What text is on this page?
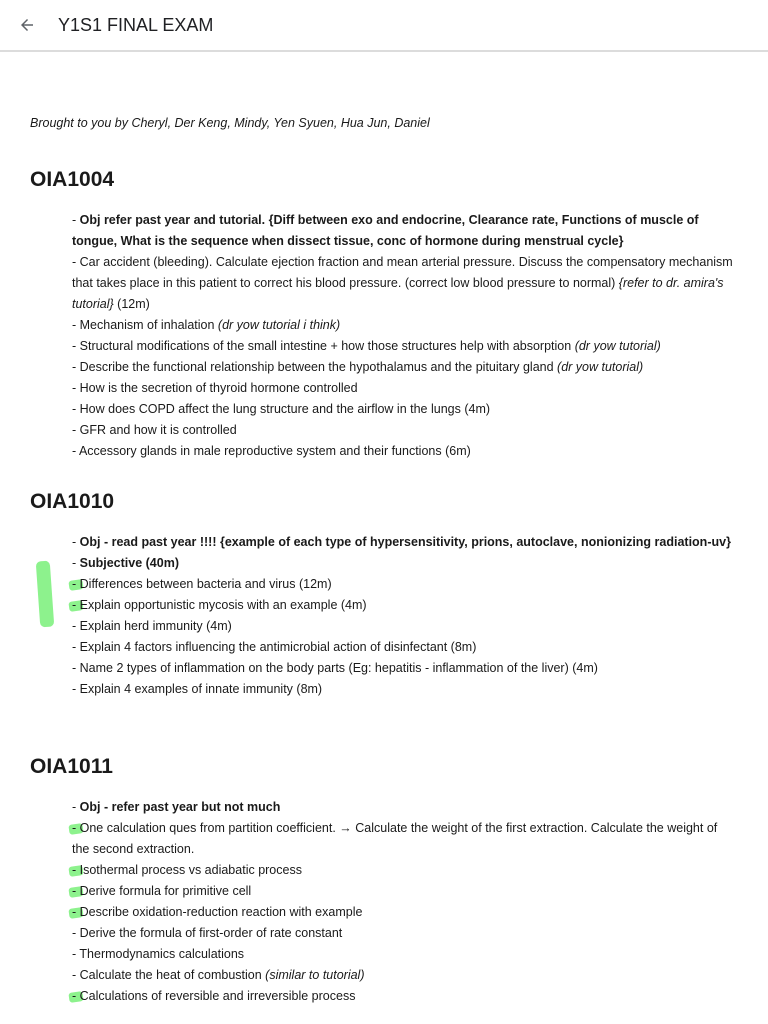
Y1S1 FINAL EXAM

Brought to you by Cheryl, Der Keng, Mindy, Yen Syuen, Hua Jun, Daniel

OIA1004
- Obj refer past year and tutorial. {Diff between exo and endocrine, Clearance rate, Functions of muscle of tongue, What is the sequence when dissect tissue, conc of hormone during menstrual cycle}
- Car accident (bleeding). Calculate ejection fraction and mean arterial pressure. Discuss the compensatory mechanism that takes place in this patient to correct his blood pressure. (correct low blood pressure to normal) {refer to dr. amira's tutorial} (12m)
- Mechanism of inhalation (dr yow tutorial i think)
- Structural modifications of the small intestine + how those structures help with absorption (dr yow tutorial)
- Describe the functional relationship between the hypothalamus and the pituitary gland (dr yow tutorial)
- How is the secretion of thyroid hormone controlled
- How does COPD affect the lung structure and the airflow in the lungs (4m)
- GFR and how it is controlled
- Accessory glands in male reproductive system and their functions (6m)
OIA1010
- Obj - read past year !!!! {example of each type of hypersensitivity, prions, autoclave, nonionizing radiation-uv}
- Subjective (40m)
- Differences between bacteria and virus (12m)
- Explain opportunistic mycosis with an example (4m)
- Explain herd immunity (4m)
- Explain 4 factors influencing the antimicrobial action of disinfectant (8m)
- Name 2 types of inflammation on the body parts (Eg: hepatitis - inflammation of the liver) (4m)
- Explain 4 examples of innate immunity (8m)
OIA1011
- Obj - refer past year but not much
- One calculation ques from partition coefficient. → Calculate the weight of the first extraction. Calculate the weight of the second extraction.
- Isothermal process vs adiabatic process
- Derive formula for primitive cell
- Describe oxidation-reduction reaction with example
- Derive the formula of first-order of rate constant
- Thermodynamics calculations
- Calculate the heat of combustion (similar to tutorial)
- Calculations of reversible and irreversible process
